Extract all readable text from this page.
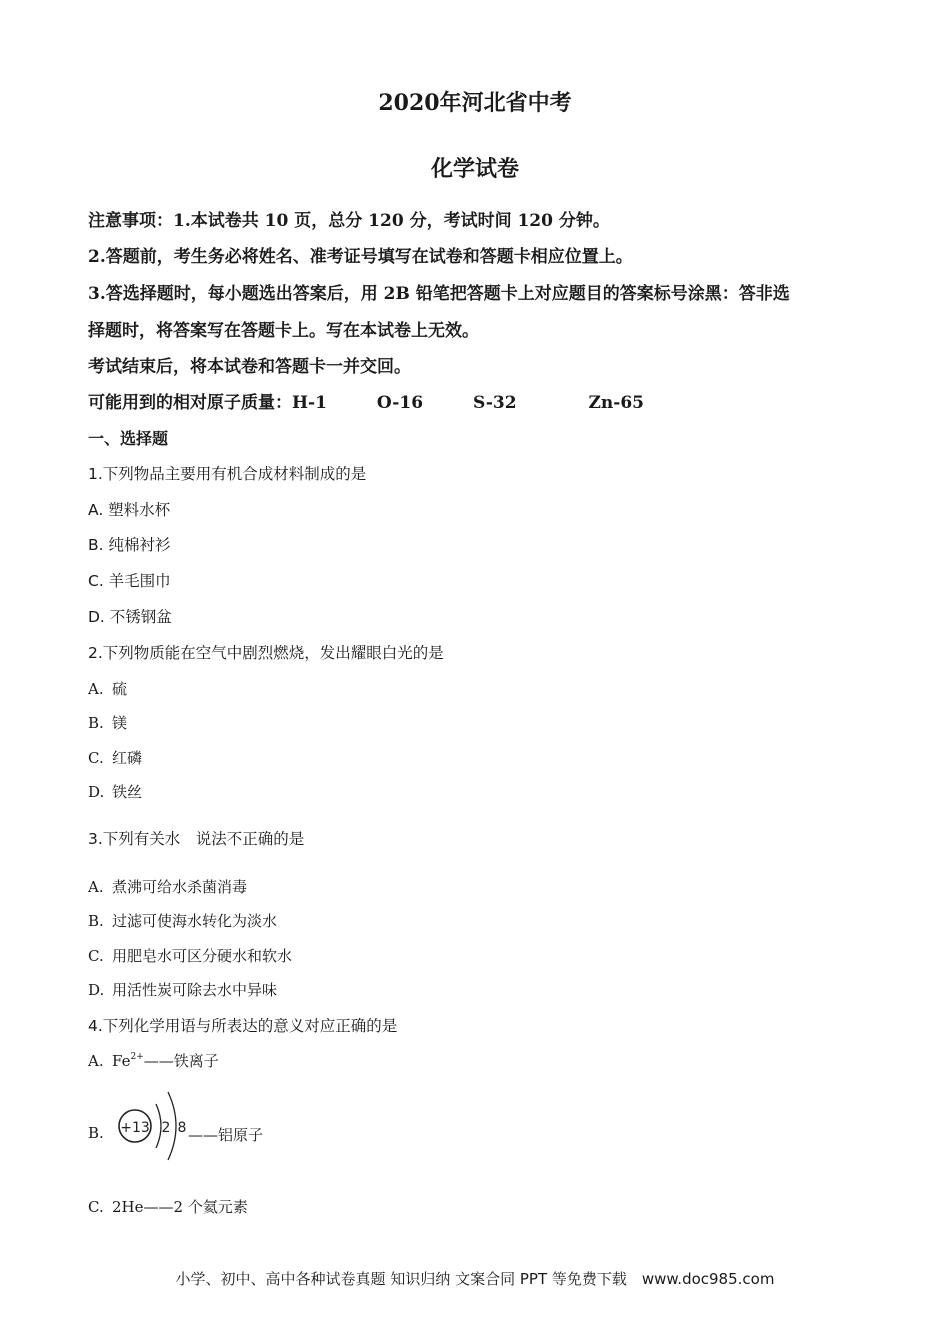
2020年河北省中考
化学试卷
注意事项：1.本试卷共 10 页，总分 120 分，考试时间 120 分钟。
2.答题前，考生务必将姓名、准考证号填写在试卷和答题卡相应位置上。
3.答选择题时，每小题选出答案后，用 2B 铅笔把答题卡上对应题目的答案标号涂黑：答非选
择题时，将答案写在答题卡上。写在本试卷上无效。
考试结束后，将本试卷和答题卡一并交回。
可能用到的相对原子质量：H-1	O-16	S-32	Zn-65
一、选择题
1.下列物品主要用有机合成材料制成的是
A. 塑料水杯
B. 纯棉衬衫
C. 羊毛围巾
D. 不锈钢盆
2.下列物质能在空气中剧烈燃烧，发出耀眼白光的是
A. 硫
B. 镁
C. 红磷
D. 铁丝
3.下列有关水　说法不正确的是
A. 煮沸可给水杀菌消毒
B. 过滤可使海水转化为淡水
C. 用肥皂水可区分硬水和软水
D. 用活性炭可除去水中异味
4.下列化学用语与所表达的意义对应正确的是
A. $Fe^{2+}——$铁离子
B. +13 2 8 ——铝原子
C. 2He——2 个氦元素
小学、初中、高中各种试卷真题 知识归纳 文案合同 PPT 等免费下载　www.doc985.com
